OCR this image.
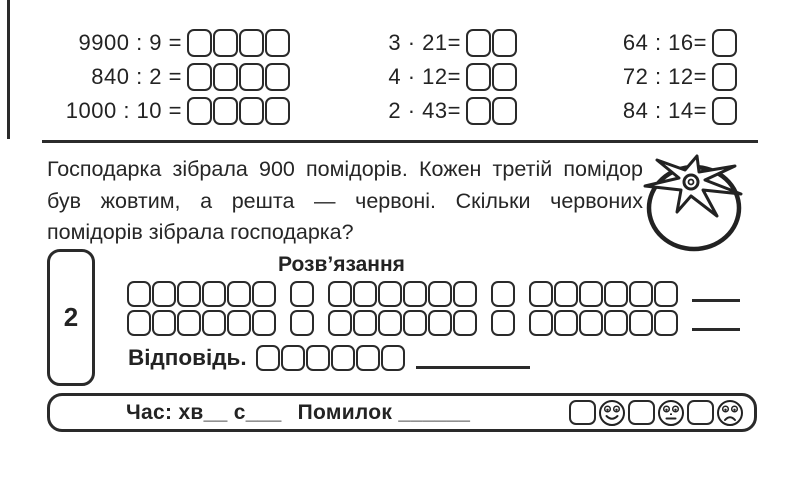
9900 : 9 =
840 : 2 =
1000 : 10 =
3 · 21=
4 · 12=
2 · 43=
64 : 16=
72 : 12=
84 : 14=

Господарка зібрала 900 помідорів. Кожен третій помідор був жовтим, а решта — червоні. Скільки червоних помідорів зібрала господарка?

2
Розв’язання
Відповідь.
Час: хв__ с___ Помилок ______
